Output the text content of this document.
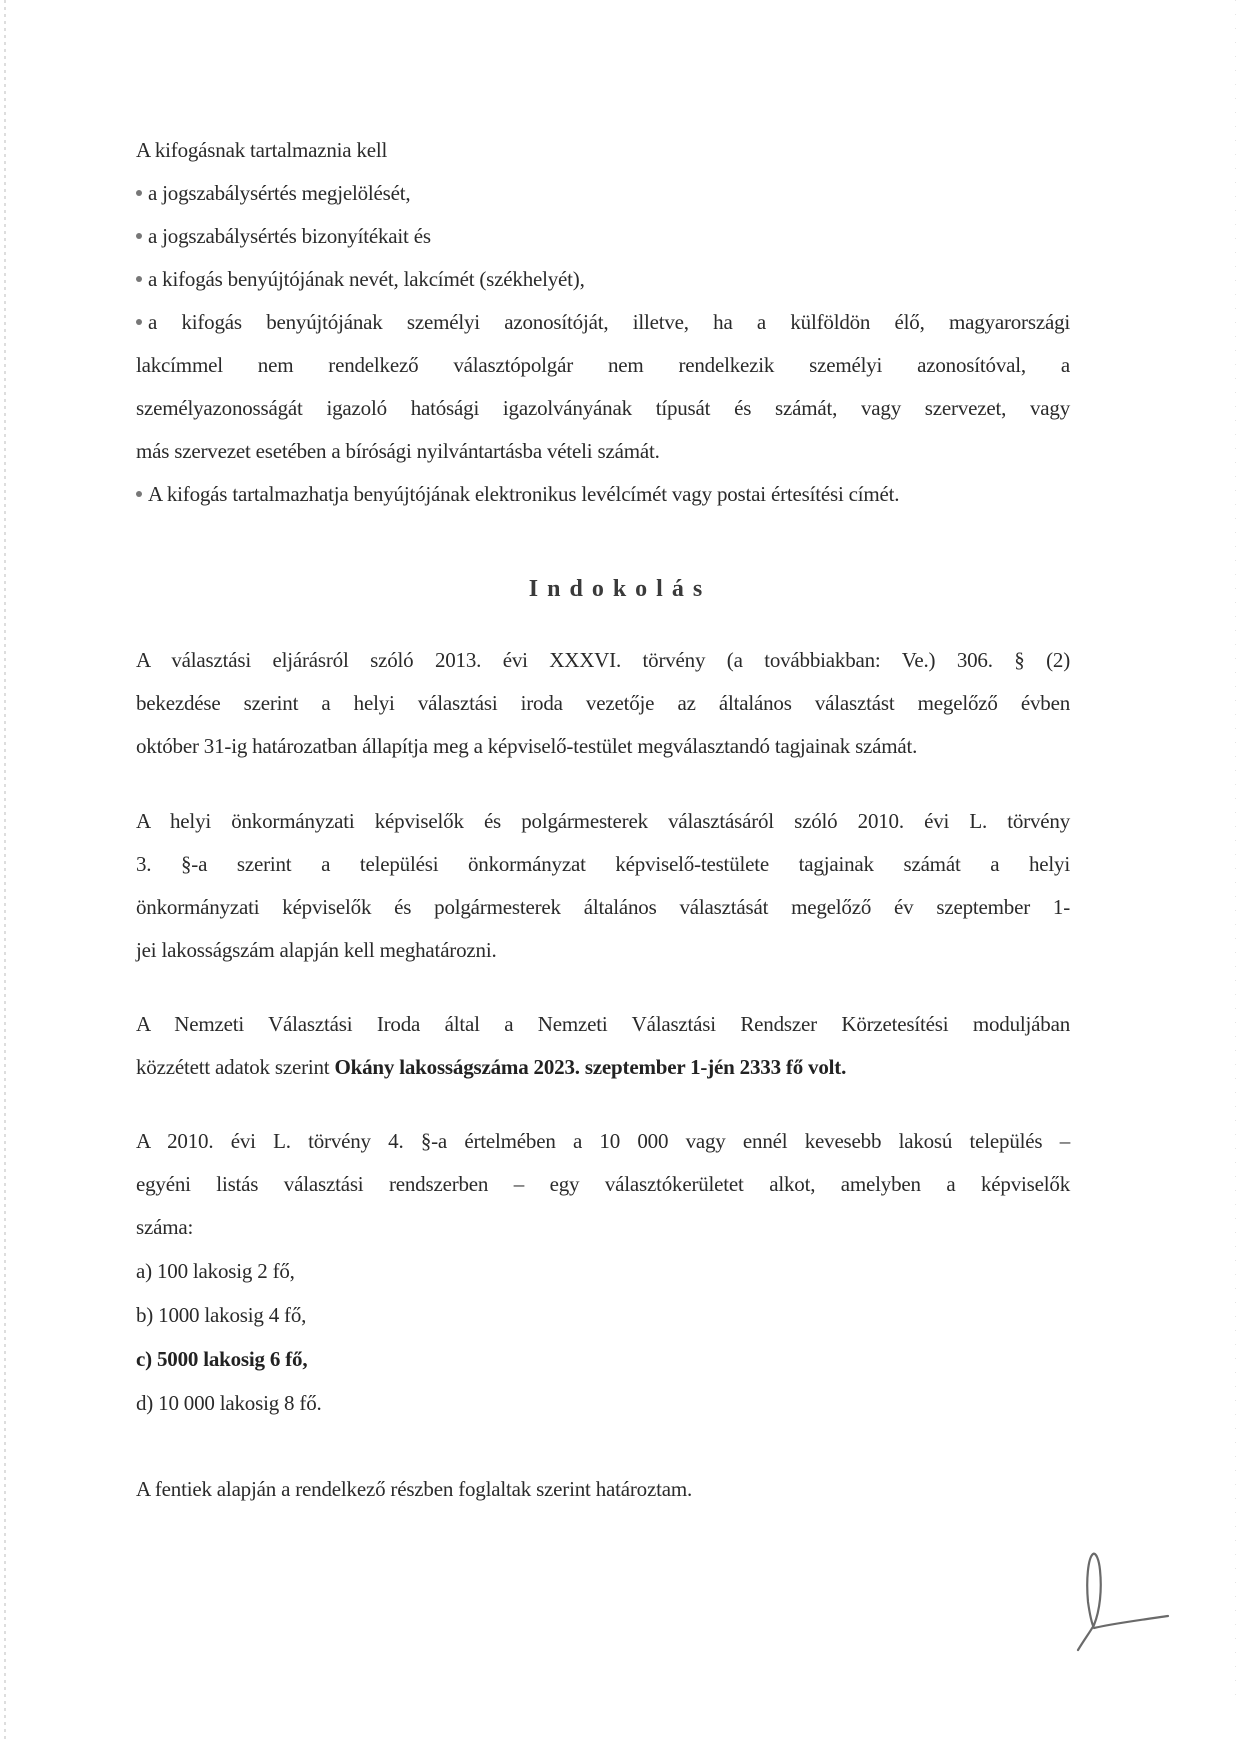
A kifogásnak tartalmaznia kell
a jogszabálysértés megjelölését,
a jogszabálysértés bizonyítékait és
a kifogás benyújtójának nevét, lakcímét (székhelyét),
a kifogás benyújtójának személyi azonosítóját, illetve, ha a külföldön élő, magyarországi
lakcímmel nem rendelkező választópolgár nem rendelkezik személyi azonosítóval, a
személyazonosságát igazoló hatósági igazolványának típusát és számát, vagy szervezet, vagy
más szervezet esetében a bírósági nyilvántartásba vételi számát.
A kifogás tartalmazhatja benyújtójának elektronikus levélcímét vagy postai értesítési címét.
Indokolás
A választási eljárásról szóló 2013. évi XXXVI. törvény (a továbbiakban: Ve.) 306. § (2)
bekezdése szerint a helyi választási iroda vezetője az általános választást megelőző évben
október 31-ig határozatban állapítja meg a képviselő-testület megválasztandó tagjainak számát.
A helyi önkormányzati képviselők és polgármesterek választásáról szóló 2010. évi L. törvény
3. §-a szerint a települési önkormányzat képviselő-testülete tagjainak számát a helyi
önkormányzati képviselők és polgármesterek általános választását megelőző év szeptember 1-
jei lakosságszám alapján kell meghatározni.
A Nemzeti Választási Iroda által a Nemzeti Választási Rendszer Körzetesítési moduljában
közzétett adatok szerint Okány lakosságszáma 2023. szeptember 1-jén 2333 fő volt.
A 2010. évi L. törvény 4. §-a értelmében a 10 000 vagy ennél kevesebb lakosú település –
egyéni listás választási rendszerben – egy választókerületet alkot, amelyben a képviselők
száma:
a) 100 lakosig 2 fő,
b) 1000 lakosig 4 fő,
c) 5000 lakosig 6 fő,
d) 10 000 lakosig 8 fő.
A fentiek alapján a rendelkező részben foglaltak szerint határoztam.
